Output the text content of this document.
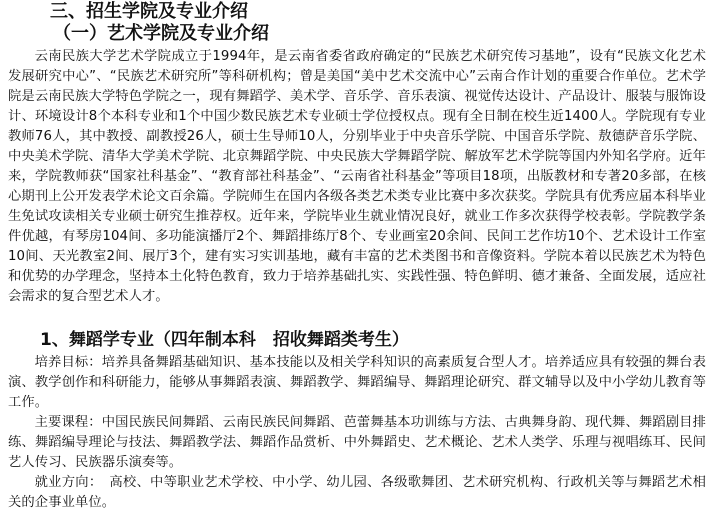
三、招生学院及专业介绍
（一）艺术学院及专业介绍

云南民族大学艺术学院成立于1994年，是云南省委省政府确定的“民族艺术研究传习基地”，设有“民族文化艺术发展研究中心”、“民族艺术研究所”等科研机构；曾是美国“美中艺术交流中心”云南合作计划的重要合作单位。艺术学院是云南民族大学特色学院之一，现有舞蹈学、美术学、音乐学、音乐表演、视觉传达设计、产品设计、服装与服饰设计、环境设计8个本科专业和1个中国少数民族艺术专业硕士学位授权点。现有全日制在校生近1400人。学院现有专业教师76人，其中教授、副教授26人，硕士生导师10人，分别毕业于中央音乐学院、中国音乐学院、敖德萨音乐学院、中央美术学院、清华大学美术学院、北京舞蹈学院、中央民族大学舞蹈学院、解放军艺术学院等国内外知名学府。近年来，学院教师获“国家社科基金”、“教育部社科基金”、“云南省社科基金”等项目18项，出版教材和专著20多部，在核心期刊上公开发表学术论文百余篇。学院师生在国内各级各类艺术类专业比赛中多次获奖。学院具有优秀应届本科毕业生免试攻读相关专业硕士研究生推荐权。近年来，学院毕业生就业情况良好，就业工作多次获得学校表彰。学院教学条件优越，有琴房104间、多功能演播厅2个、舞蹈排练厅8个、专业画室20余间、民间工艺作坊10个、艺术设计工作室10间、天光教室2间、展厅3个，建有实习实训基地，藏有丰富的艺术类图书和音像资料。学院本着以民族艺术为特色和优势的办学理念，坚持本土化特色教育，致力于培养基础扎实、实践性强、特色鲜明、德才兼备、全面发展，适应社会需求的复合型艺术人才。

1、舞蹈学专业（四年制本科　招收舞蹈类考生）

培养目标：培养具备舞蹈基础知识、基本技能以及相关学科知识的高素质复合型人才。培养适应具有较强的舞台表演、教学创作和科研能力，能够从事舞蹈表演、舞蹈教学、舞蹈编导、舞蹈理论研究、群文辅导以及中小学幼儿教育等工作。

主要课程：中国民族民间舞蹈、云南民族民间舞蹈、芭蕾舞基本功训练与方法、古典舞身韵、现代舞、舞蹈剧目排练、舞蹈编导理论与技法、舞蹈教学法、舞蹈作品赏析、中外舞蹈史、艺术概论、艺术人类学、乐理与视唱练耳、民间艺人传习、民族器乐演奏等。

就业方向：　高校、中等职业艺术学校、中小学、幼儿园、各级歌舞团、艺术研究机构、行政机关等与舞蹈艺术相关的企事业单位。
